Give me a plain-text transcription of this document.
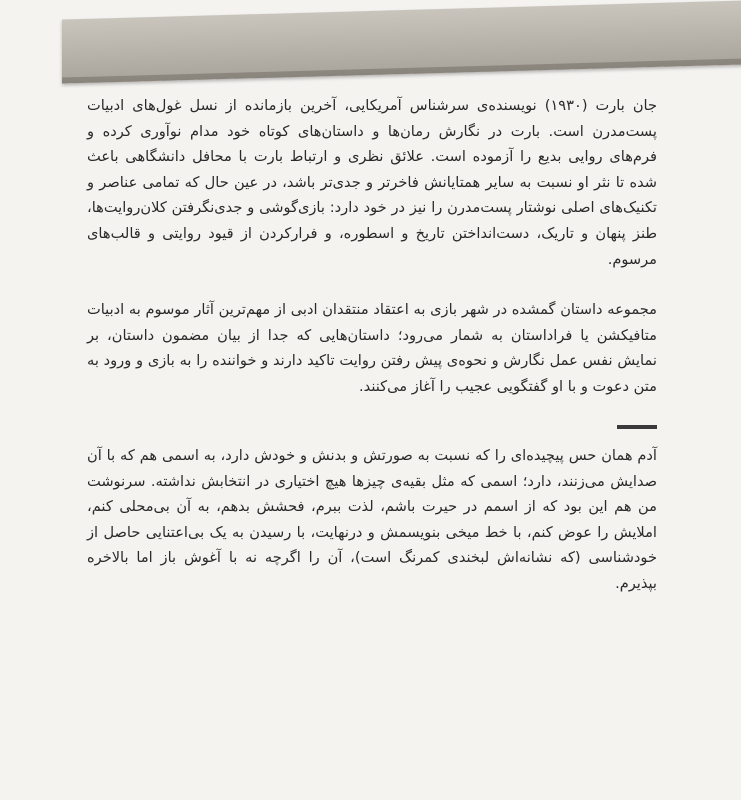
جان بارت (۱۹۳۰) نویسنده‌ی سرشناس آمریکایی، آخرین بازمانده از نسل غول‌های ادبیات پست‌مدرن است. بارت در نگارش رمان‌ها و داستان‌های کوتاه خود مدام نوآوری کرده و فرم‌های روایی بدیع را آزموده است. علائق نظری و ارتباط بارت با محافل دانشگاهی باعث شده تا نثر او نسبت به سایر همتایانش فاخرتر و جدی‌تر باشد، در عین حال که تمامی عناصر و تکنیک‌های اصلی نوشتار پست‌مدرن را نیز در خود دارد: بازی‌گوشی و جدی‌نگرفتن کلان‌روایت‌ها، طنز پنهان و تاریک، دست‌انداختن تاریخ و اسطوره، و فرارکردن از قیود روایتی و قالب‌های مرسوم.

مجموعه داستان گمشده در شهر بازی به اعتقاد منتقدان ادبی از مهم‌ترین آثار موسوم به ادبیات متافیکشن یا فراداستان به شمار می‌رود؛ داستان‌هایی که جدا از بیان مضمون داستان، بر نمایش نفس عمل نگارش و نحوه‌ی پیش رفتن روایت تاکید دارند و خواننده را به بازی و ورود به متن دعوت و با او گفتگویی عجیب را آغاز می‌کنند.

آدم همان حس پیچیده‌ای را که نسبت به صورتش و بدنش و خودش دارد، به اسمی هم که با آن صدایش می‌زنند، دارد؛ اسمی که مثل بقیه‌ی چیزها هیچ اختیاری در انتخابش نداشته. سرنوشت من هم این بود که از اسمم در حیرت باشم، لذت ببرم، فحشش بدهم، به آن بی‌محلی کنم، املایش را عوض کنم، با خط میخی بنویسمش و درنهایت، با رسیدن به یک بی‌اعتنایی حاصل از خودشناسی (که نشانه‌اش لبخندی کمرنگ است)، آن را اگرچه نه با آغوش باز اما بالاخره بپذیرم.
